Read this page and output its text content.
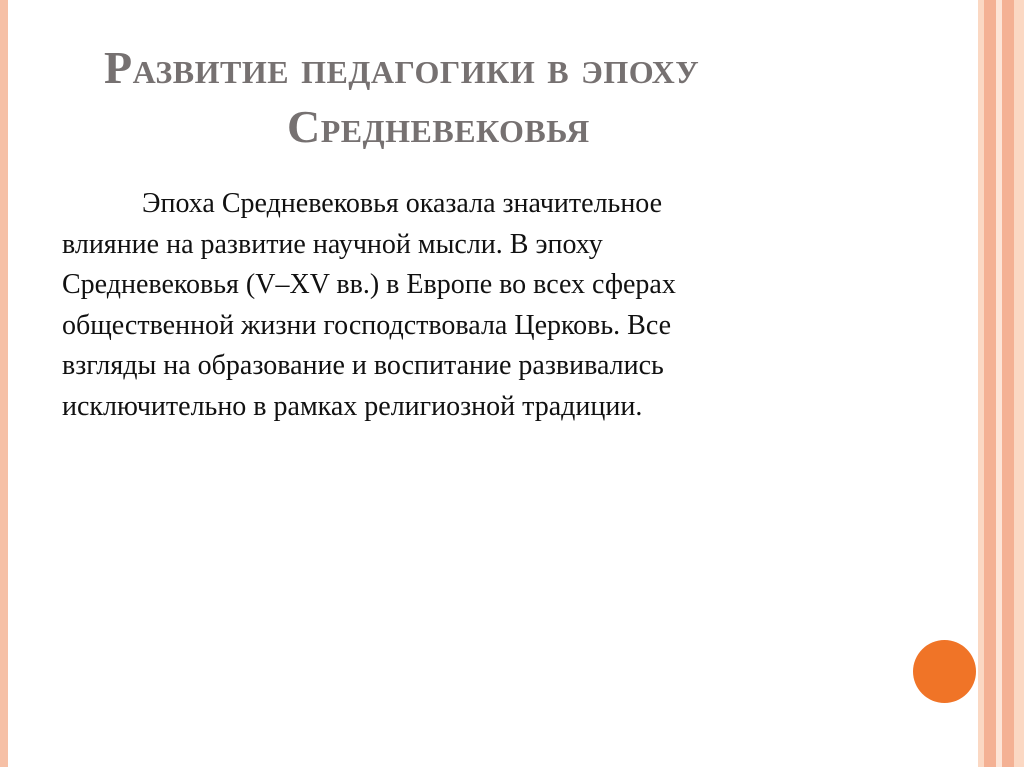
Развитие педагогики в эпоху
Средневековья
Эпоха Средневековья оказала значительное
влияние на развитие научной мысли. В эпоху
Средневековья (V–XV вв.) в Европе во всех сферах
общественной жизни господствовала Церковь. Все
взгляды на образование и воспитание развивались
исключительно в рамках религиозной традиции.
